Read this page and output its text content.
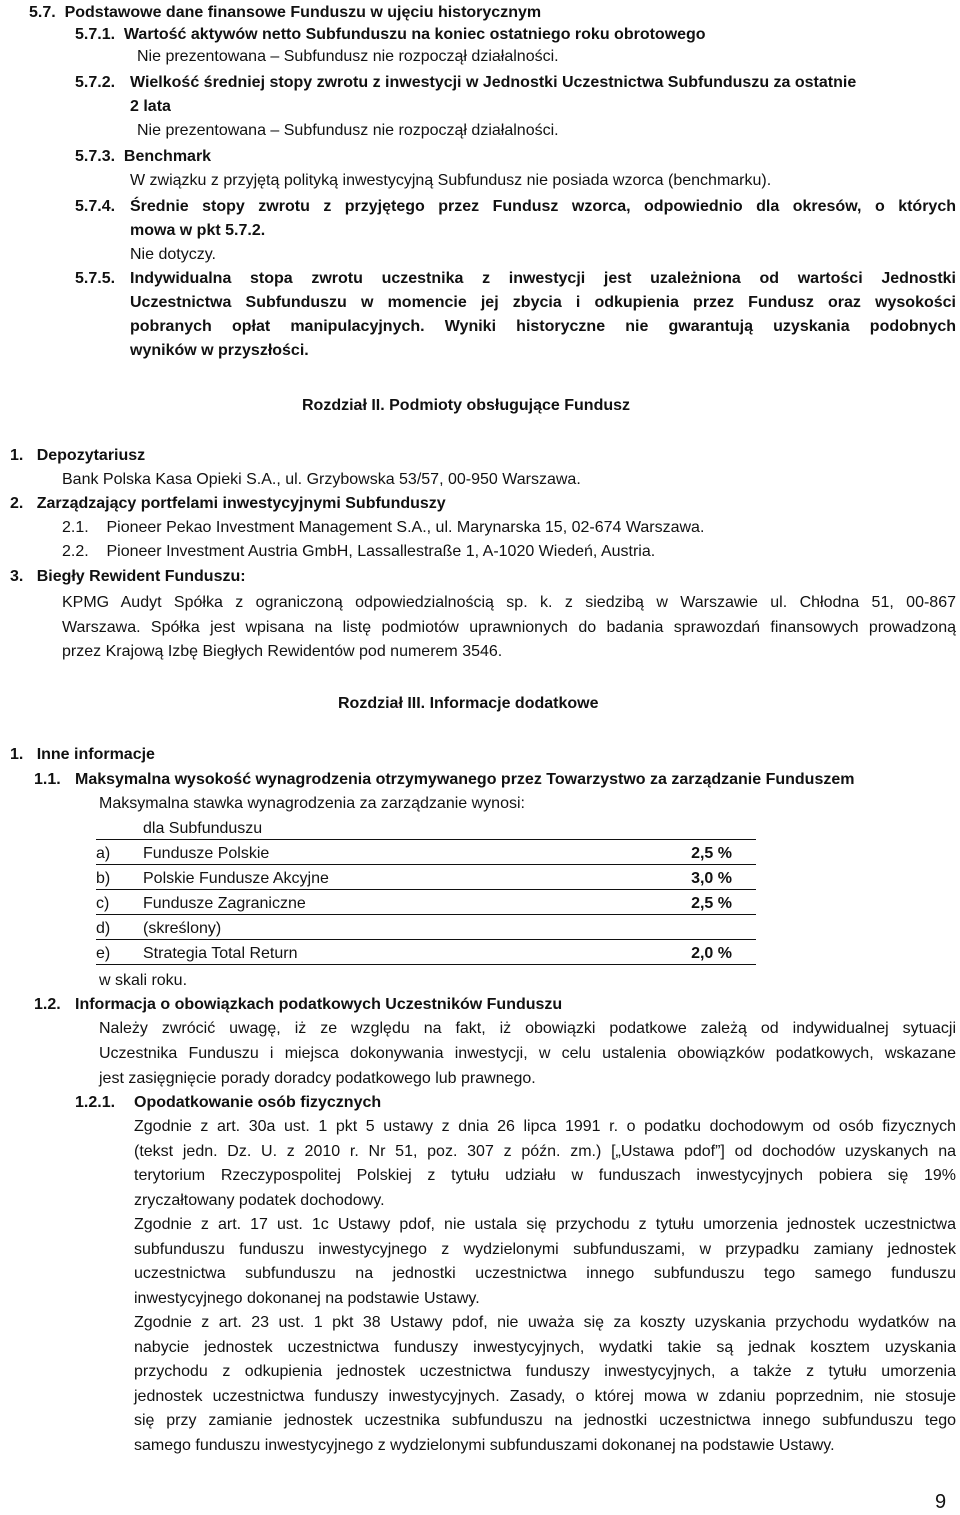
5.7. Podstawowe dane finansowe Funduszu w ujęciu historycznym
5.7.1. Wartość aktywów netto Subfunduszu na koniec ostatniego roku obrotowego
Nie prezentowana – Subfundusz nie rozpoczął działalności.
5.7.2. Wielkość średniej stopy zwrotu z inwestycji w Jednostki Uczestnictwa Subfunduszu za ostatnie
2 lata
Nie prezentowana – Subfundusz nie rozpoczął działalności.
5.7.3. Benchmark
W związku z przyjętą polityką inwestycyjną Subfundusz nie posiada wzorca (benchmarku).
5.7.4. Średnie stopy zwrotu z przyjętego przez Fundusz wzorca, odpowiednio dla okresów, o których
mowa w pkt 5.7.2.
Nie dotyczy.
5.7.5. Indywidualna stopa zwrotu uczestnika z inwestycji jest uzależniona od wartości Jednostki
Uczestnictwa Subfunduszu w momencie jej zbycia i odkupienia przez Fundusz oraz wysokości
pobranych opłat manipulacyjnych. Wyniki historyczne nie gwarantują uzyskania podobnych
wyników w przyszłości.
Rozdział II. Podmioty obsługujące Fundusz
1. Depozytariusz
Bank Polska Kasa Opieki S.A., ul. Grzybowska 53/57, 00-950 Warszawa.
2. Zarządzający portfelami inwestycyjnymi Subfunduszy
2.1. Pioneer Pekao Investment Management S.A., ul. Marynarska 15, 02-674 Warszawa.
2.2. Pioneer Investment Austria GmbH, Lassallestraße 1, A-1020 Wiedeń, Austria.
3. Biegły Rewident Funduszu:
KPMG Audyt Spółka z ograniczoną odpowiedzialnością sp. k. z siedzibą w Warszawie ul. Chłodna 51, 00-867
Warszawa. Spółka jest wpisana na listę podmiotów uprawnionych do badania sprawozdań finansowych prowadzoną
przez Krajową Izbę Biegłych Rewidentów pod numerem 3546.
Rozdział III. Informacje dodatkowe
1. Inne informacje
1.1. Maksymalna wysokość wynagrodzenia otrzymywanego przez Towarzystwo za zarządzanie Funduszem
Maksymalna stawka wynagrodzenia za zarządzanie wynosi:
dla Subfunduszu
a) Fundusze Polskie	2,5 %
b) Polskie Fundusze Akcyjne	3,0 %
c) Fundusze Zagraniczne	2,5 %
d) (skreślony)
e) Strategia Total Return	2,0 %
w skali roku.
1.2. Informacja o obowiązkach podatkowych Uczestników Funduszu
Należy zwrócić uwagę, iż ze względu na fakt, iż obowiązki podatkowe zależą od indywidualnej sytuacji
Uczestnika Funduszu i miejsca dokonywania inwestycji, w celu ustalenia obowiązków podatkowych, wskazane
jest zasięgnięcie porady doradcy podatkowego lub prawnego.
1.2.1. Opodatkowanie osób fizycznych
Zgodnie z art. 30a ust. 1 pkt 5 ustawy z dnia 26 lipca 1991 r. o podatku dochodowym od osób fizycznych
(tekst jedn. Dz. U. z 2010 r. Nr 51, poz. 307 z późn. zm.) [„Ustawa pdof”] od dochodów uzyskanych na
terytorium Rzeczypospolitej Polskiej z tytułu udziału w funduszach inwestycyjnych pobiera się 19%
zryczałtowany podatek dochodowy.
Zgodnie z art. 17 ust. 1c Ustawy pdof, nie ustala się przychodu z tytułu umorzenia jednostek uczestnictwa
subfunduszu funduszu inwestycyjnego z wydzielonymi subfunduszami, w przypadku zamiany jednostek
uczestnictwa subfunduszu na jednostki uczestnictwa innego subfunduszu tego samego funduszu
inwestycyjnego dokonanej na podstawie Ustawy.
Zgodnie z art. 23 ust. 1 pkt 38 Ustawy pdof, nie uważa się za koszty uzyskania przychodu wydatków na
nabycie jednostek uczestnictwa funduszy inwestycyjnych, wydatki takie są jednak kosztem uzyskania
przychodu z odkupienia jednostek uczestnictwa funduszy inwestycyjnych, a także z tytułu umorzenia
jednostek uczestnictwa funduszy inwestycyjnych. Zasady, o której mowa w zdaniu poprzednim, nie stosuje
się przy zamianie jednostek uczestnika subfunduszu na jednostki uczestnictwa innego subfunduszu tego
samego funduszu inwestycyjnego z wydzielonymi subfunduszami dokonanej na podstawie Ustawy.
9
